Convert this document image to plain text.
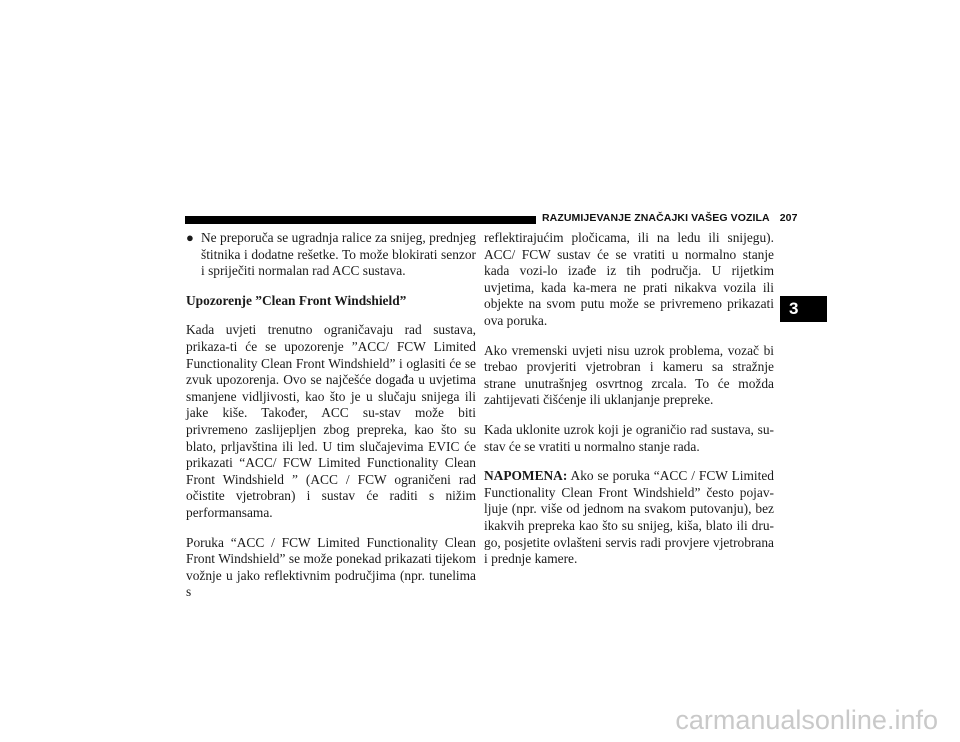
RAZUMIJEVANJE ZNAČAJKI VAŠEG VOZILA 207
● Ne preporuča se ugradnja ralice za snijeg, prednjeg štitnika i dodatne rešetke. To može blokirati senzor i spriječiti normalan rad ACC sustava.

Upozorenje ”Clean Front Windshield”

Kada uvjeti trenutno ograničavaju rad sustava, prikaza-ti će se upozorenje ”ACC/ FCW Limited Functionality Clean Front Windshield” i oglasiti će se zvuk upozorenja. Ovo se najčešće događa u uvjetima smanjene vidljivosti, kao što je u slučaju snijega ili jake kiše. Također, ACC su-stav može biti privremeno zaslijepljen zbog prepreka, kao što su blato, prljavština ili led. U tim slučajevima EVIC će prikazati “ACC/ FCW Limited Functionality Clean Front Windshield ” (ACC / FCW ograničeni rad očistite vjetrobran) i sustav će raditi s nižim performansama.

Poruka “ACC / FCW Limited Functionality Clean Front Windshield” se može ponekad prikazati tijekom vožnje u jako reflektivnim područjima (npr. tunelima s

reflektirajućim pločicama, ili na ledu ili snijegu). ACC/ FCW sustav će se vratiti u normalno stanje kada vozi-lo izađe iz tih područja. U rijetkim uvjetima, kada ka-mera ne prati nikakva vozila ili objekte na svom putu može se privremeno prikazati ova poruka.

Ako vremenski uvjeti nisu uzrok problema, vozač bi trebao provjeriti vjetrobran i kameru sa stražnje strane unutrašnjeg osvrtnog zrcala. To će možda zahtijevati čišćenje ili uklanjanje prepreke.

Kada uklonite uzrok koji je ograničio rad sustava, su-stav će se vratiti u normalno stanje rada.

NAPOMENA: Ako se poruka “ACC / FCW Limited Functionality Clean Front Windshield” često pojav-ljuje (npr. više od jednom na svakom putovanju), bez ikakvih prepreka kao što su snijeg, kiša, blato ili dru-go, posjetite ovlašteni servis radi provjere vjetrobrana i prednje kamere.

3
carmanualsonline.info
